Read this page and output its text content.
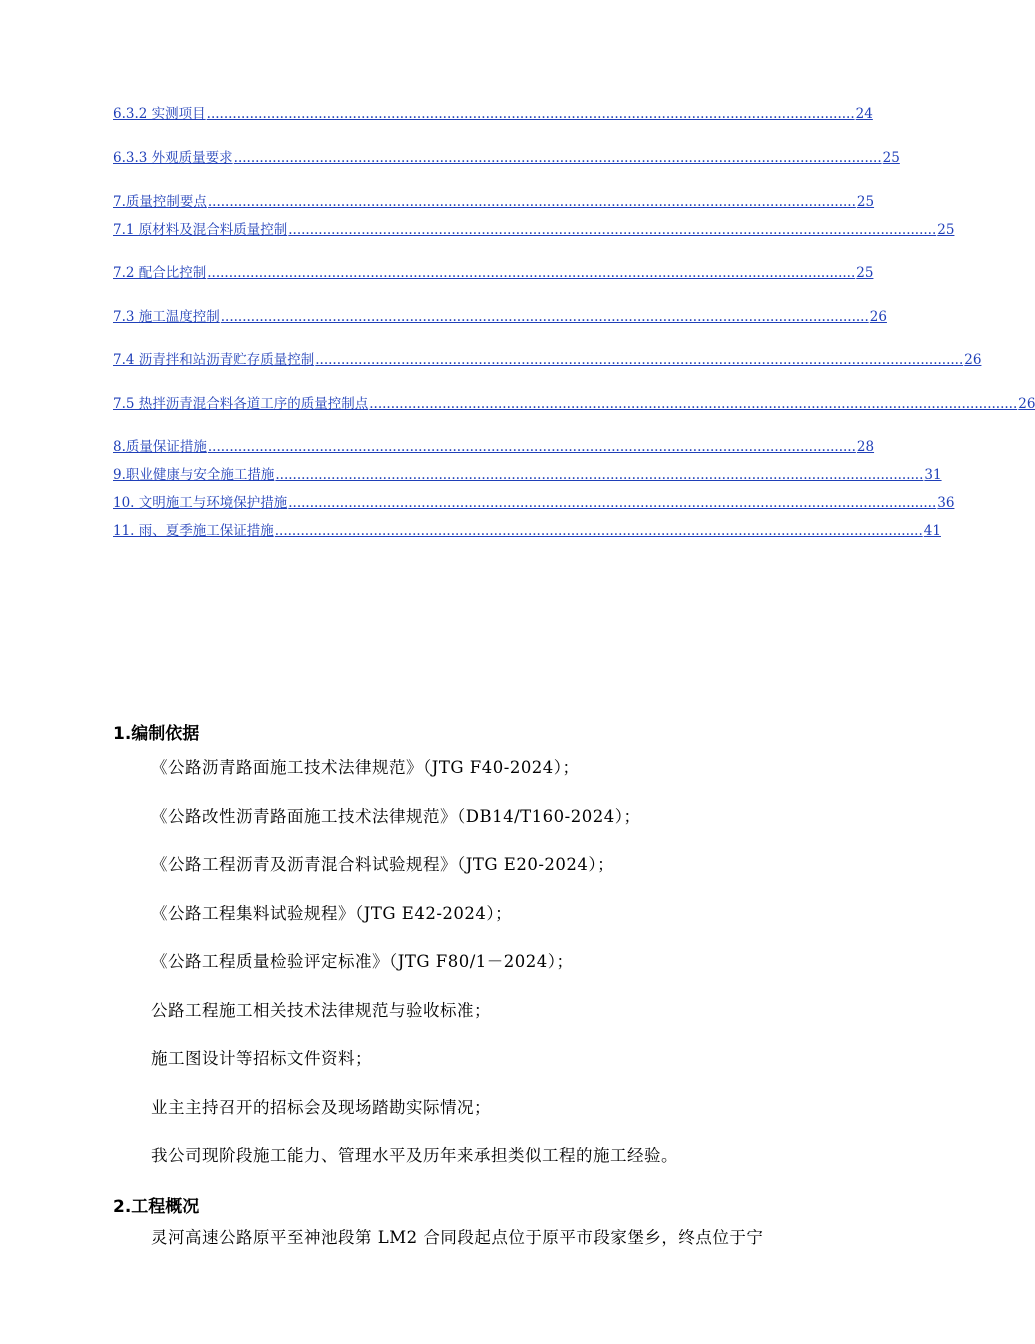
6.3.2 实测项目 ....................................................................................................................................................... 24
6.3.3 外观质量要求 ....................................................................................................................................................... 25
7.质量控制要点 ....................................................................................................................................................... 25
7.1 原材料及混合料质量控制 ....................................................................................................................................................... 25
7.2 配合比控制 ....................................................................................................................................................... 25
7.3 施工温度控制 ....................................................................................................................................................... 26
7.4 沥青拌和站沥青贮存质量控制 ....................................................................................................................................................... 26
7.5 热拌沥青混合料各道工序的质量控制点 ....................................................................................................................................................... 26
8.质量保证措施 ....................................................................................................................................................... 28
9.职业健康与安全施工措施 ....................................................................................................................................................... 31
10. 文明施工与环境保护措施 ....................................................................................................................................................... 36
11. 雨、夏季施工保证措施 ....................................................................................................................................................... 41
1.编制依据
《公路沥青路面施工技术法律规范》（JTG F40-2024）；
《公路改性沥青路面施工技术法律规范》（DB14/T160-2024）；
《公路工程沥青及沥青混合料试验规程》（JTG E20-2024）；
《公路工程集料试验规程》（JTG E42-2024）；
《公路工程质量检验评定标准》（JTG F80/1－2024）；
公路工程施工相关技术法律规范与验收标准；
施工图设计等招标文件资料；
业主主持召开的招标会及现场踏勘实际情况；
我公司现阶段施工能力、管理水平及历年来承担类似工程的施工经验。
2.工程概况
灵河高速公路原平至神池段第 LM2 合同段起点位于原平市段家堡乡，终点位于宁
